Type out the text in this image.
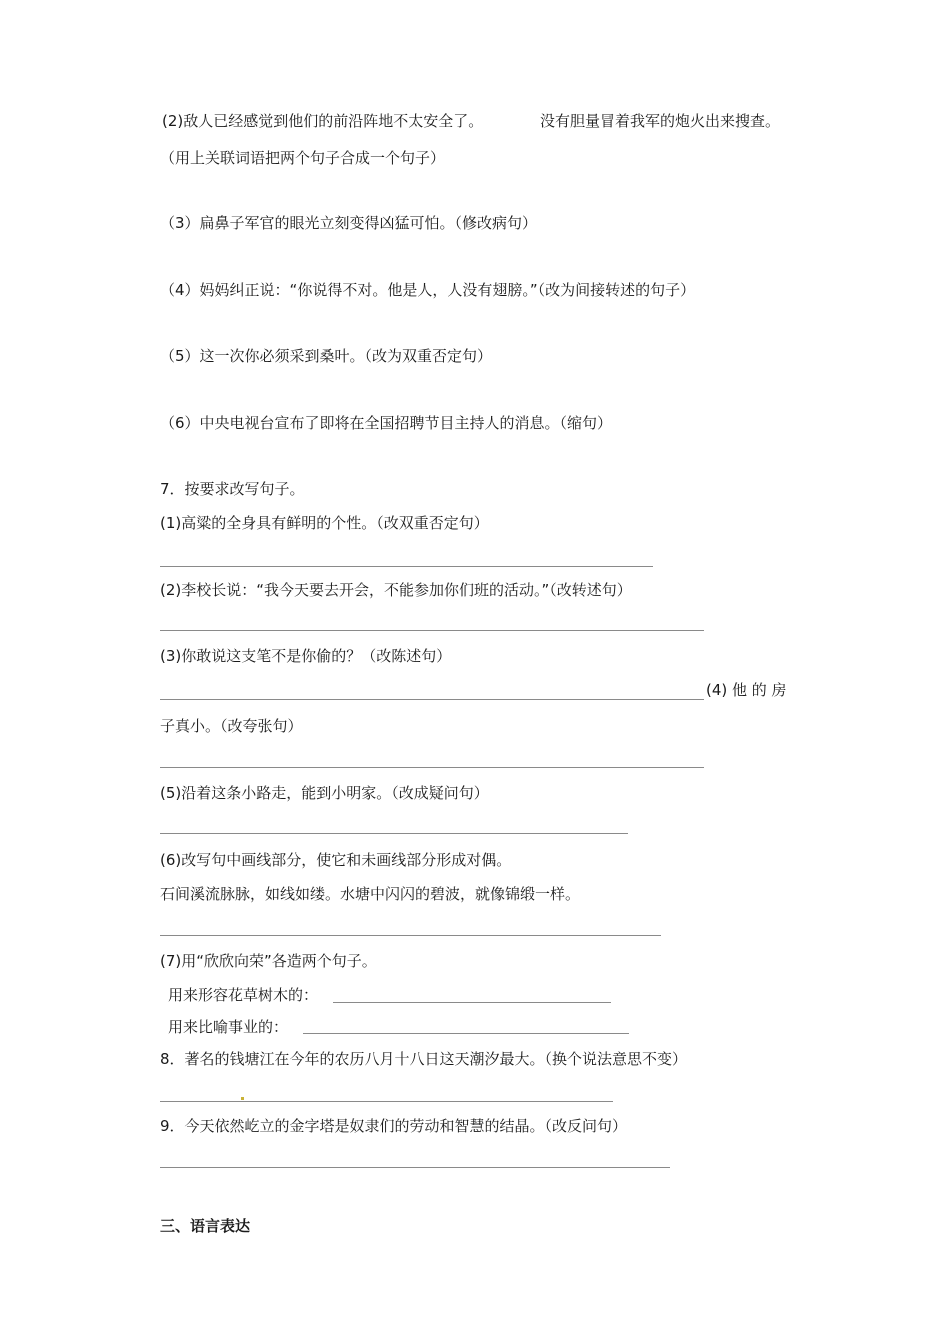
(2)敌人已经感觉到他们的前沿阵地不太安全了。	没有胆量冒着我军的炮火出来搜查。
（用上关联词语把两个句子合成一个句子）
（3）扁鼻子军官的眼光立刻变得凶猛可怕。（修改病句）
（4）妈妈纠正说：“你说得不对。他是人，人没有翅膀。”（改为间接转述的句子）
（5）这一次你必须采到桑叶。（改为双重否定句）
（6）中央电视台宣布了即将在全国招聘节目主持人的消息。（缩句）
7．按要求改写句子。
(1)高粱的全身具有鲜明的个性。（改双重否定句）
(2)李校长说：“我今天要去开会，不能参加你们班的活动。”（改转述句）
(3)你敢说这支笔不是你偷的？（改陈述句）
(4) 他 的 房
子真小。（改夸张句）
(5)沿着这条小路走，能到小明家。（改成疑问句）
(6)改写句中画线部分，使它和未画线部分形成对偶。
石间溪流脉脉，如线如缕。水塘中闪闪的碧波，就像锦缎一样。
(7)用“欣欣向荣”各造两个句子。
用来形容花草树木的：
用来比喻事业的：
8．著名的钱塘江在今年的农历八月十八日这天潮汐最大。（换个说法意思不变）
9．今天依然屹立的金字塔是奴隶们的劳动和智慧的结晶。（改反问句）
三、语言表达
